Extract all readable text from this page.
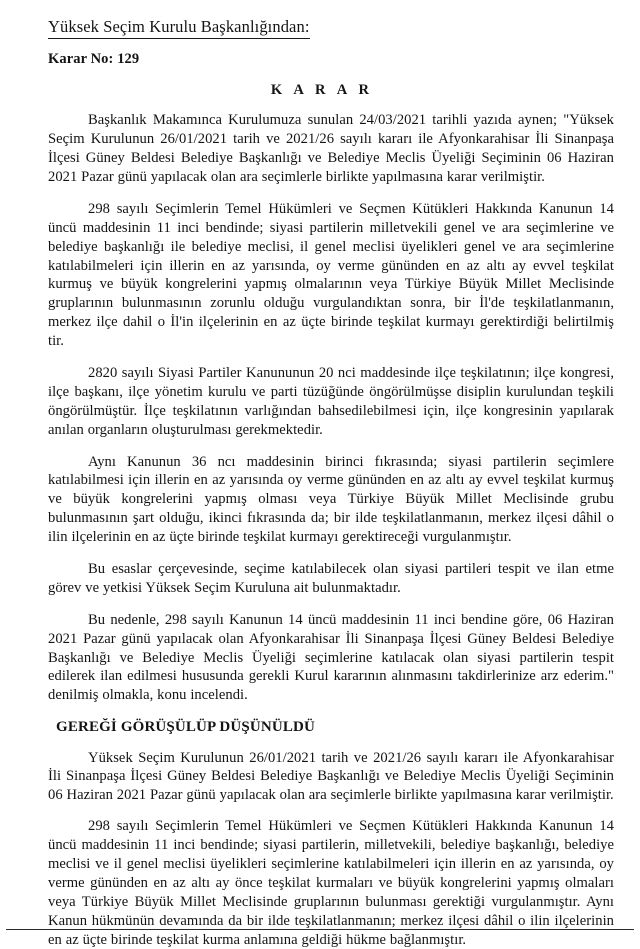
Yüksek Seçim Kurulu Başkanlığından:
Karar No: 129
K A R A R

Başkanlık Makamınca Kurulumuza sunulan 24/03/2021 tarihli yazıda aynen; "Yüksek Seçim Kurulunun 26/01/2021 tarih ve 2021/26 sayılı kararı ile Afyonkarahisar İli Sinanpaşa İlçesi Güney Beldesi Belediye Başkanlığı ve Belediye Meclis Üyeliği Seçiminin 06 Haziran 2021 Pazar günü yapılacak olan ara seçimlerle birlikte yapılmasına karar verilmiştir.

298 sayılı Seçimlerin Temel Hükümleri ve Seçmen Kütükleri Hakkında Kanunun 14 üncü maddesinin 11 inci bendinde; siyasi partilerin milletvekili genel ve ara seçimlerine ve belediye başkanlığı ile belediye meclisi, il genel meclisi üyelikleri genel ve ara seçimlerine katılabilmeleri için illerin en az yarısında, oy verme gününden en az altı ay evvel teşkilat kurmuş ve büyük kongrelerini yapmış olmalarının veya Türkiye Büyük Millet Meclisinde gruplarının bulunmasının zorunlu olduğu vurgulandıktan sonra, bir İl'de teşkilatlanmanın, merkez ilçe dahil o İl'in ilçelerinin en az üçte birinde teşkilat kurmayı gerektirdiği belirtilmiş tir.

2820 sayılı Siyasi Partiler Kanununun 20 nci maddesinde ilçe teşkilatının; ilçe kongresi, ilçe başkanı, ilçe yönetim kurulu ve parti tüzüğünde öngörülmüşse disiplin kurulundan teşkili öngörülmüştür. İlçe teşkilatının varlığından bahsedilebilmesi için, ilçe kongresinin yapılarak anılan organların oluşturulması gerekmektedir.

Aynı Kanunun 36 ncı maddesinin birinci fıkrasında; siyasi partilerin seçimlere katılabilmesi için illerin en az yarısında oy verme gününden en az altı ay evvel teşkilat kurmuş ve büyük kongrelerini yapmış olması veya Türkiye Büyük Millet Meclisinde grubu bulunmasının şart olduğu, ikinci fıkrasında da; bir ilde teşkilatlanmanın, merkez ilçesi dâhil o ilin ilçelerinin en az üçte birinde teşkilat kurmayı gerektireceği vurgulanmıştır.

Bu esaslar çerçevesinde, seçime katılabilecek olan siyasi partileri tespit ve ilan etme görev ve yetkisi Yüksek Seçim Kuruluna ait bulunmaktadır.

Bu nedenle, 298 sayılı Kanunun 14 üncü maddesinin 11 inci bendine göre, 06 Haziran 2021 Pazar günü yapılacak olan Afyonkarahisar İli Sinanpaşa İlçesi Güney Beldesi Belediye Başkanlığı ve Belediye Meclis Üyeliği seçimlerine katılacak olan siyasi partilerin tespit edilerek ilan edilmesi hususunda gerekli Kurul kararının alınmasını takdirlerinize arz ederim." denilmiş olmakla, konu incelendi.

GEREĞİ GÖRÜŞÜLÜP DÜŞÜNÜLDÜ

Yüksek Seçim Kurulunun 26/01/2021 tarih ve 2021/26 sayılı kararı ile Afyonkarahisar İli Sinanpaşa İlçesi Güney Beldesi Belediye Başkanlığı ve Belediye Meclis Üyeliği Seçiminin 06 Haziran 2021 Pazar günü yapılacak olan ara seçimlerle birlikte yapılmasına karar verilmiştir.

298 sayılı Seçimlerin Temel Hükümleri ve Seçmen Kütükleri Hakkında Kanunun 14 üncü maddesinin 11 inci bendinde; siyasi partilerin, milletvekili, belediye başkanlığı, belediye meclisi ve il genel meclisi üyelikleri seçimlerine katılabilmeleri için illerin en az yarısında, oy verme gününden en az altı ay önce teşkilat kurmaları ve büyük kongrelerini yapmış olmaları veya Türkiye Büyük Millet Meclisinde gruplarının bulunması gerektiği vurgulanmıştır. Aynı Kanun hükmünün devamında da bir ilde teşkilatlanmanın; merkez ilçesi dâhil o ilin ilçelerinin en az üçte birinde teşkilat kurma anlamına geldiği hükme bağlanmıştır.
